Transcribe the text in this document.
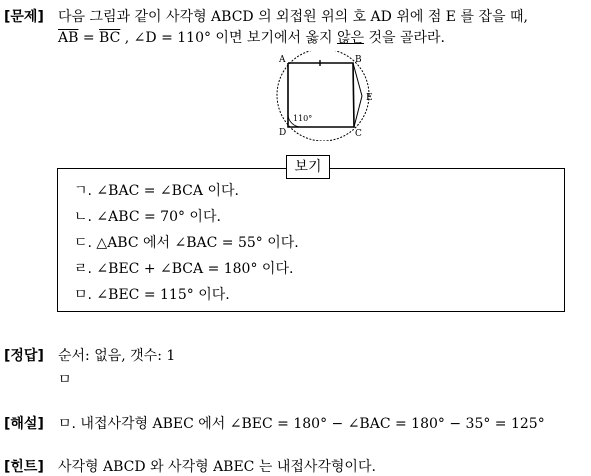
[문제] 다음 그림과 같이 사각형 ABCD 의 외접원 위의 호 AD 위에 점 E 를 잡을 때,
$\overline{AB} = \overline{BC}$ , ∠D = 110° 이면 보기에서 옳지 않은 것을 골라라.
A	B
E
C
D
110°
보기
ㄱ. ∠BAC = ∠BCA 이다.
ㄴ. ∠ABC = 70° 이다.
ㄷ. △ABC 에서 ∠BAC = 55° 이다.
ㄹ. ∠BEC + ∠BCA = 180° 이다.
ㅁ. ∠BEC = 115° 이다.
[정답] 순서: 없음, 갯수: 1
ㅁ
[해설] ㅁ. 내접사각형 ABEC 에서 ∠BEC = 180° − ∠BAC = 180° − 35° = 125°
[힌트] 사각형 ABCD 와 사각형 ABEC 는 내접사각형이다.
